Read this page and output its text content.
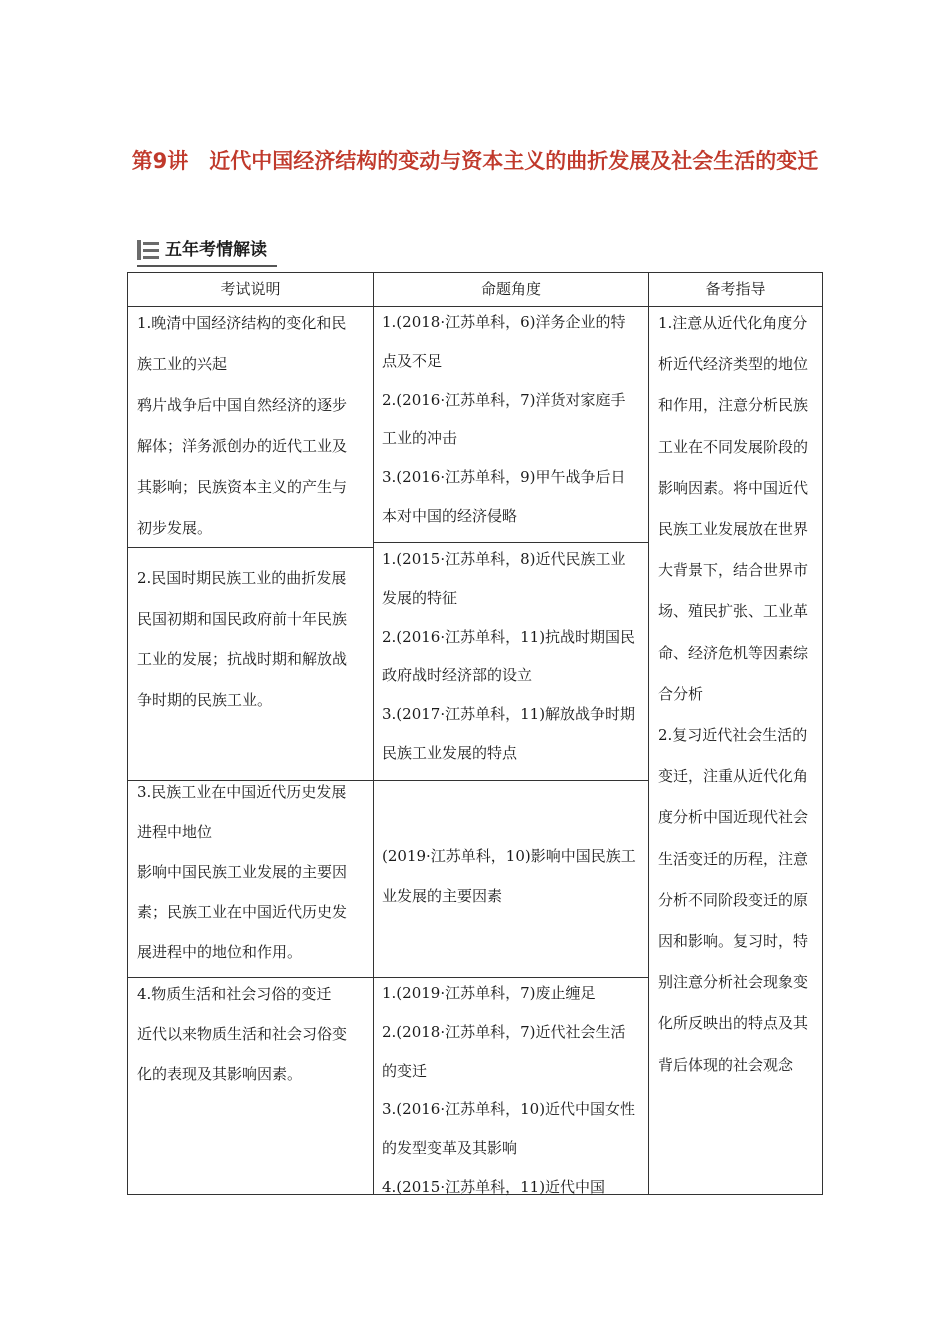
第9讲　近代中国经济结构的变动与资本主义的曲折发展及社会生活的变迁
五年考情解读
考试说明	命题角度	备考指导

1.晚清中国经济结构的变化和民族工业的兴起

鸦片战争后中国自然经济的逐步解体；洋务派创办的近代工业及其影响；民族资本主义的产生与初步发展。

1.(2018·江苏单科，6)洋务企业的特点及不足

2.(2016·江苏单科，7)洋货对家庭手工业的冲击

3.(2016·江苏单科，9)甲午战争后日本对中国的经济侵略

2.民国时期民族工业的曲折发展

民国初期和国民政府前十年民族工业的发展；抗战时期和解放战争时期的民族工业。

1.(2015·江苏单科，8)近代民族工业发展的特征

2.(2016·江苏单科，11)抗战时期国民政府战时经济部的设立

3.(2017·江苏单科，11)解放战争时期民族工业发展的特点

3.民族工业在中国近代历史发展进程中地位

影响中国民族工业发展的主要因素；民族工业在中国近代历史发展进程中的地位和作用。

(2019·江苏单科，10)影响中国民族工业发展的主要因素

4.物质生活和社会习俗的变迁

近代以来物质生活和社会习俗变化的表现及其影响因素。

1.(2019·江苏单科，7)废止缠足

2.(2018·江苏单科，7)近代社会生活的变迁

3.(2016·江苏单科，10)近代中国女性的发型变革及其影响

4.(2015·江苏单科，11)近代中国

1.注意从近代化角度分析近代经济类型的地位和作用，注意分析民族工业在不同发展阶段的影响因素。将中国近代民族工业发展放在世界大背景下，结合世界市场、殖民扩张、工业革命、经济危机等因素综合分析

2.复习近代社会生活的变迁，注重从近代化角度分析中国近现代社会生活变迁的历程，注意分析不同阶段变迁的原因和影响。复习时，特别注意分析社会现象变化所反映出的特点及其背后体现的社会观念
